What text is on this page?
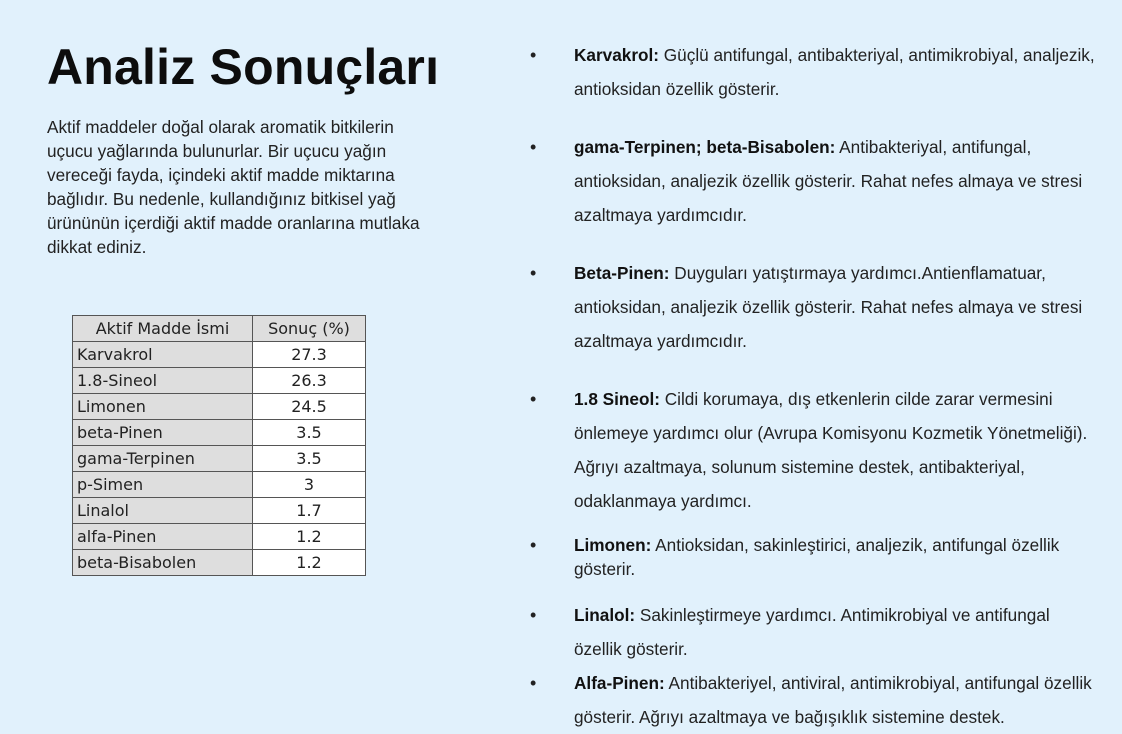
Analiz Sonuçları

Aktif maddeler doğal olarak aromatik bitkilerin uçucu yağlarında bulunurlar. Bir uçucu yağın vereceği fayda, içindeki aktif madde miktarına bağlıdır. Bu nedenle, kullandığınız bitkisel yağ ürününün içerdiği aktif madde oranlarına mutlaka dikkat ediniz.

Aktif Madde İsmi	Sonuç (%)
Karvakrol	27.3
1.8-Sineol	26.3
Limonen	24.5
beta-Pinen	3.5
gama-Terpinen	3.5
p-Simen	3
Linalol	1.7
alfa-Pinen	1.2
beta-Bisabolen	1.2
• Karvakrol: Güçlü antifungal, antibakteriyal, antimikrobiyal, analjezik, antioksidan özellik gösterir.
• gama-Terpinen; beta-Bisabolen: Antibakteriyal, antifungal, antioksidan, analjezik özellik gösterir. Rahat nefes almaya ve stresi azaltmaya yardımcıdır.
• Beta-Pinen: Duyguları yatıştırmaya yardımcı.Antienflamatuar, antioksidan, analjezik özellik gösterir. Rahat nefes almaya ve stresi azaltmaya yardımcıdır.
• 1.8 Sineol: Cildi korumaya, dış etkenlerin cilde zarar vermesini önlemeye yardımcı olur (Avrupa Komisyonu Kozmetik Yönetmeliği). Ağrıyı azaltmaya, solunum sistemine destek, antibakteriyal, odaklanmaya yardımcı.
• Limonen: Antioksidan, sakinleştirici, analjezik, antifungal özellik gösterir.
• Linalol: Sakinleştirmeye yardımcı. Antimikrobiyal ve antifungal özellik gösterir.
• Alfa-Pinen: Antibakteriyel, antiviral, antimikrobiyal, antifungal özellik gösterir. Ağrıyı azaltmaya ve bağışıklık sistemine destek.
